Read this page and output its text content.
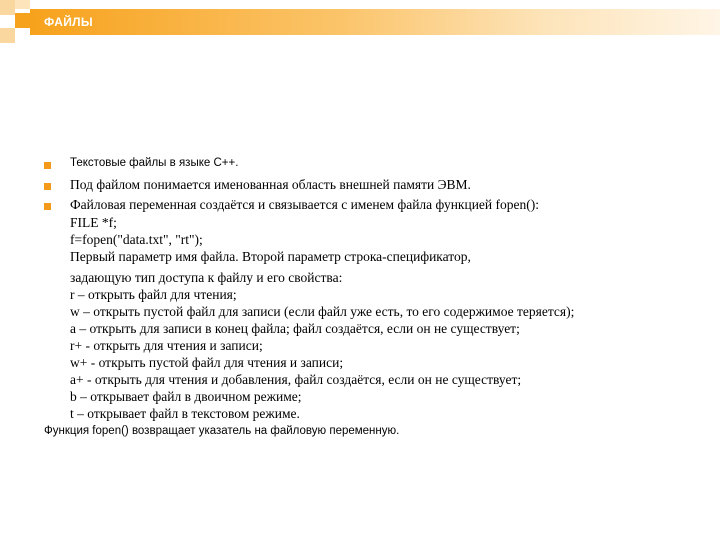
ФАЙЛЫ
Текстовые файлы в языке С++.
Под файлом понимается именованная область внешней памяти ЭВМ.
Файловая переменная создаётся и связывается с именем файла функцией fopen():
FILE *f;
f=fopen("data.txt", "rt");
Первый параметр имя файла. Второй параметр строка-спецификатор,
задающую тип доступа к файлу и его свойства:
r – открыть файл для чтения;
w – открыть пустой файл для записи (если файл уже есть, то его содержимое теряется);
a – открыть для записи в конец файла; файл создаётся, если он не существует;
r+ - открыть для чтения и записи;
w+ - открыть пустой файл для чтения и записи;
a+ - открыть для чтения и добавления, файл создаётся, если он не существует;
b – открывает файл в двоичном режиме;
t – открывает файл в текстовом режиме.
Функция fopen() возвращает указатель на файловую переменную.
